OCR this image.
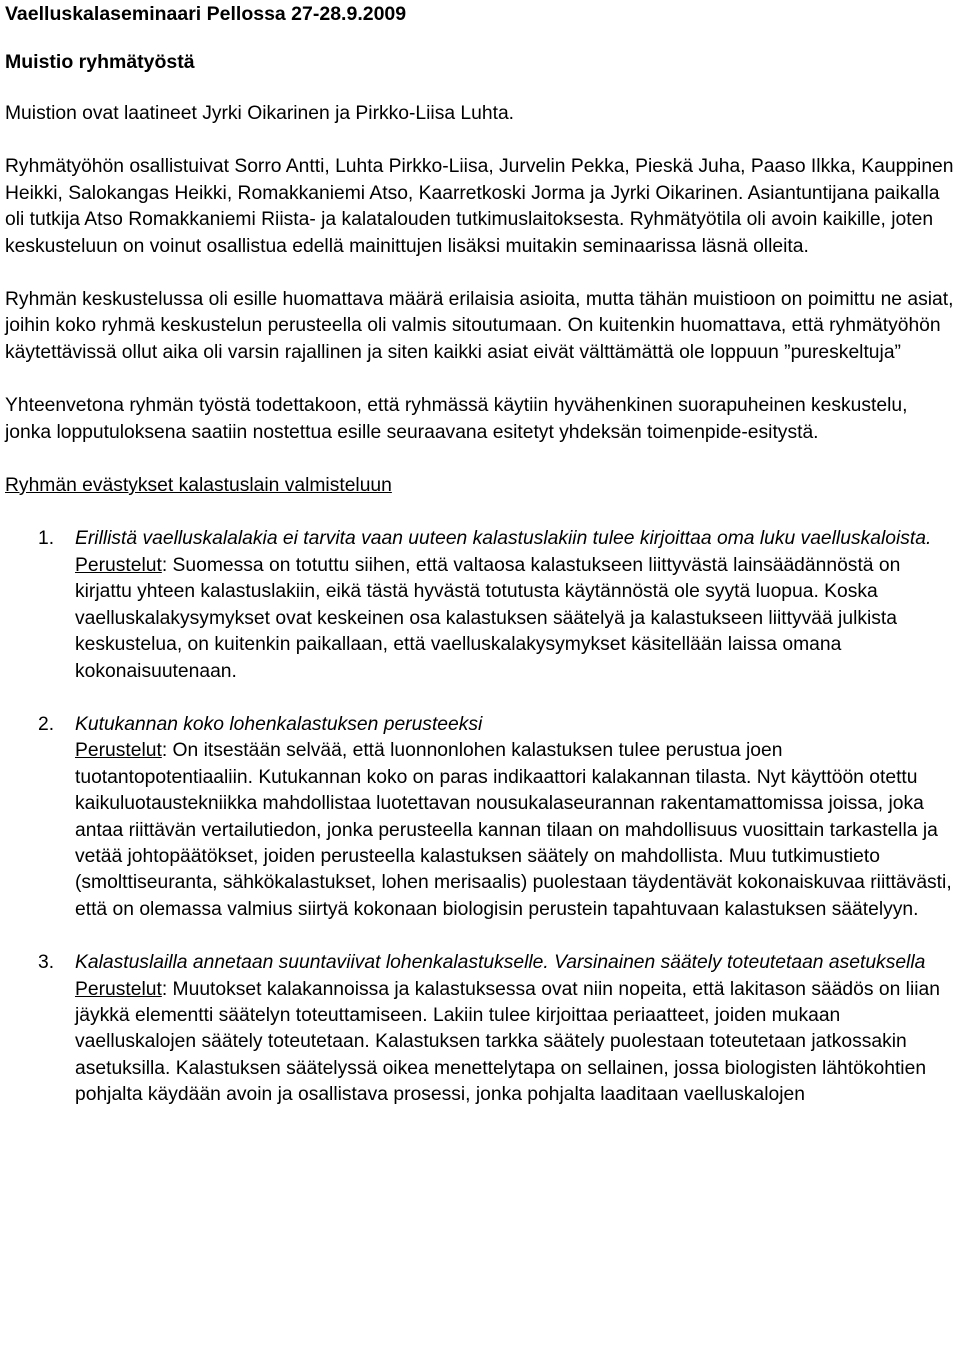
Vaelluskalaseminaari Pellossa 27-28.9.2009

Muistio ryhmätyöstä

Muistion ovat laatineet Jyrki Oikarinen ja Pirkko-Liisa Luhta.

Ryhmätyöhön osallistuivat Sorro Antti, Luhta Pirkko-Liisa, Jurvelin Pekka, Pieskä Juha, Paaso Ilkka, Kauppinen Heikki, Salokangas Heikki, Romakkaniemi Atso, Kaarretkoski Jorma ja Jyrki Oikarinen. Asiantuntijana paikalla oli tutkija Atso Romakkaniemi Riista- ja kalatalouden tutkimuslaitoksesta. Ryhmätyötila oli avoin kaikille, joten keskusteluun on voinut osallistua edellä mainittujen lisäksi muitakin seminaarissa läsnä olleita.

Ryhmän keskustelussa oli esille huomattava määrä erilaisia asioita, mutta tähän muistioon on poimittu ne asiat, joihin koko ryhmä keskustelun perusteella oli valmis sitoutumaan. On kuitenkin huomattava, että ryhmätyöhön käytettävissä ollut aika oli varsin rajallinen ja siten kaikki asiat eivät välttämättä ole loppuun ”pureskeltuja”

Yhteenvetona ryhmän työstä todettakoon, että ryhmässä käytiin hyvähenkinen suorapuheinen keskustelu, jonka lopputuloksena saatiin nostettua esille seuraavana esitetyt yhdeksän toimenpide-esitystä.

Ryhmän evästykset kalastuslain valmisteluun

1. Erillistä vaelluskalalakia ei tarvita vaan uuteen kalastuslakiin tulee kirjoittaa oma luku vaelluskaloista.
Perustelut: Suomessa on totuttu siihen, että valtaosa kalastukseen liittyvästä lainsäädännöstä on kirjattu yhteen kalastuslakiin, eikä tästä hyvästä totutusta käytännöstä ole syytä luopua. Koska vaelluskalakysymykset ovat keskeinen osa kalastuksen säätelyä ja kalastukseen liittyvää julkista keskustelua, on kuitenkin paikallaan, että vaelluskalakysymykset käsitellään laissa omana kokonaisuutenaan.
2. Kutukannan koko lohenkalastuksen perusteeksi
Perustelut: On itsestään selvää, että luonnonlohen kalastuksen tulee perustua joen tuotantopotentiaaliin. Kutukannan koko on paras indikaattori kalakannan tilasta. Nyt käyttöön otettu kaikuluotaustekniikka mahdollistaa luotettavan nousukalaseurannan rakentamattomissa joissa, joka antaa riittävän vertailutiedon, jonka perusteella kannan tilaan on mahdollisuus vuosittain tarkastella ja vetää johtopäätökset, joiden perusteella kalastuksen säätely on mahdollista. Muu tutkimustieto (smolttiseuranta, sähkökalastukset, lohen merisaalis) puolestaan täydentävät kokonaiskuvaa riittävästi, että on olemassa valmius siirtyä kokonaan biologisin perustein tapahtuvaan kalastuksen säätelyyn.
3. Kalastuslailla annetaan suuntaviivat lohenkalastukselle. Varsinainen säätely toteutetaan asetuksella
Perustelut: Muutokset kalakannoissa ja kalastuksessa ovat niin nopeita, että lakitason säädös on liian jäykkä elementti säätelyn toteuttamiseen. Lakiin tulee kirjoittaa periaatteet, joiden mukaan vaelluskalojen säätely toteutetaan. Kalastuksen tarkka säätely puolestaan toteutetaan jatkossakin asetuksilla. Kalastuksen säätelyssä oikea menettelytapa on sellainen, jossa biologisten lähtökohtien pohjalta käydään avoin ja osallistava prosessi, jonka pohjalta laaditaan vaelluskalojen
